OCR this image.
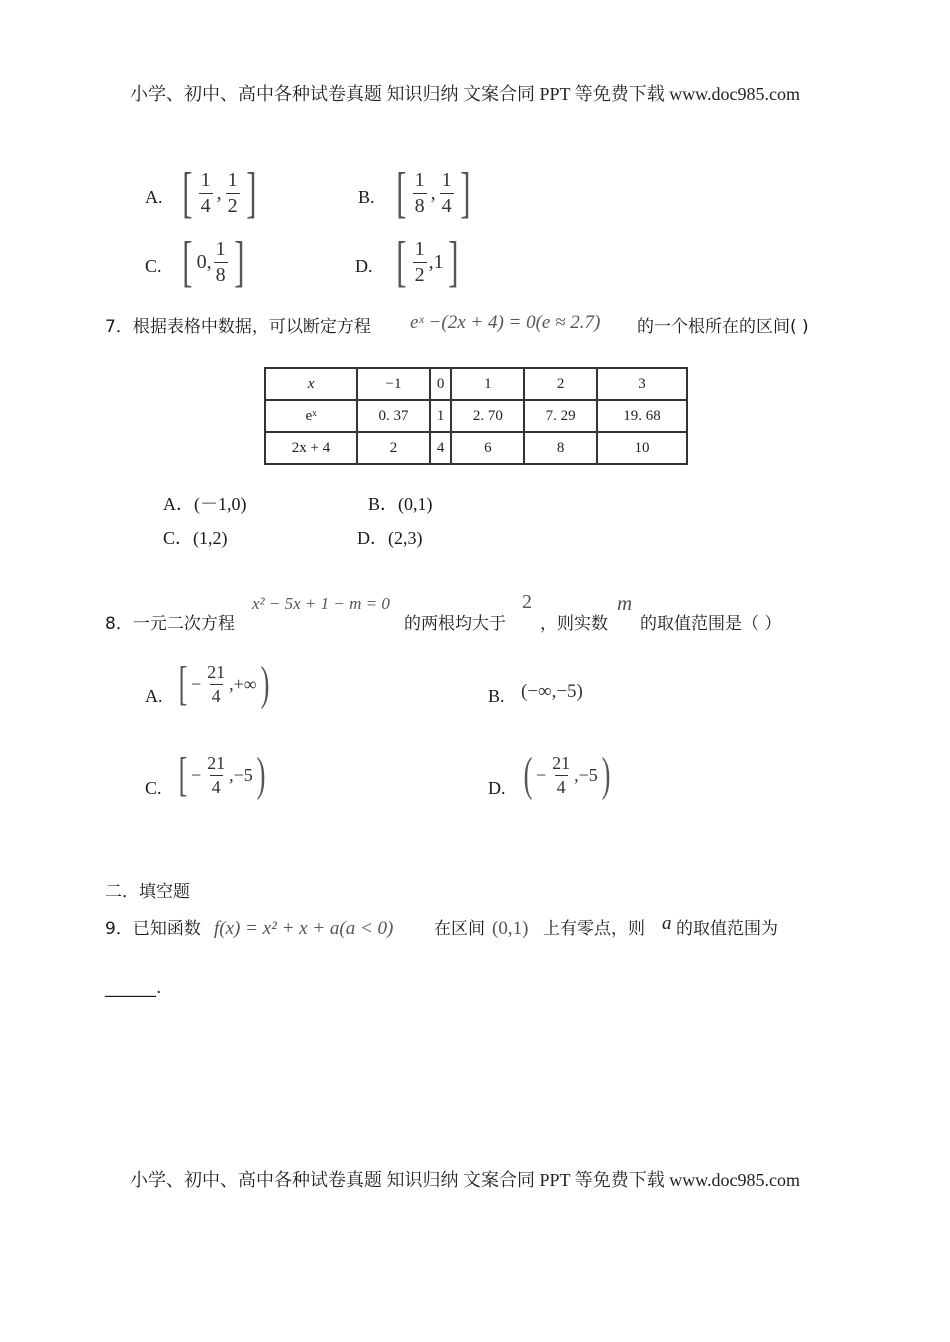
小学、初中、高中各种试卷真题 知识归纳 文案合同 PPT 等免费下载 www.doc985.com
A. [ $\frac{1}{4}$ , $\frac{1}{2}$ ]	B. [ $\frac{1}{8}$ , $\frac{1}{4}$ ]
C. [ 0, $\frac{1}{8}$ ]	D. [ $\frac{1}{2} ,1$ ]
7．根据表格中数据，可以断定方程 eˣ −(2x + 4) = 0(e ≈ 2.7) 的一个根所在的区间( )
x	−1	0	1	2	3
eˣ	0. 37	1	2. 70	7. 29	19. 68
2x + 4	2	4	6	8	10
A．(－1,0)	B．(0,1)
C．(1,2)	D．(2,3)
8．一元二次方程
x² − 5x + 1 − m = 0
的两根均大于
2
，则实数
m
的取值范围是（ ）
A. [ − $\frac{21}{4}$ ,+∞ )	B. (−∞,−5)
C. [ − $\frac{21}{4} ,-5$ )	D. ( − $\frac{21}{4} ,-5$ )
二．填空题
9．已知函数 f(x) = x² + x + a(a < 0) 在区间 (0,1) 上有零点，则 a 的取值范围为
______.
小学、初中、高中各种试卷真题 知识归纳 文案合同 PPT 等免费下载 www.doc985.com
